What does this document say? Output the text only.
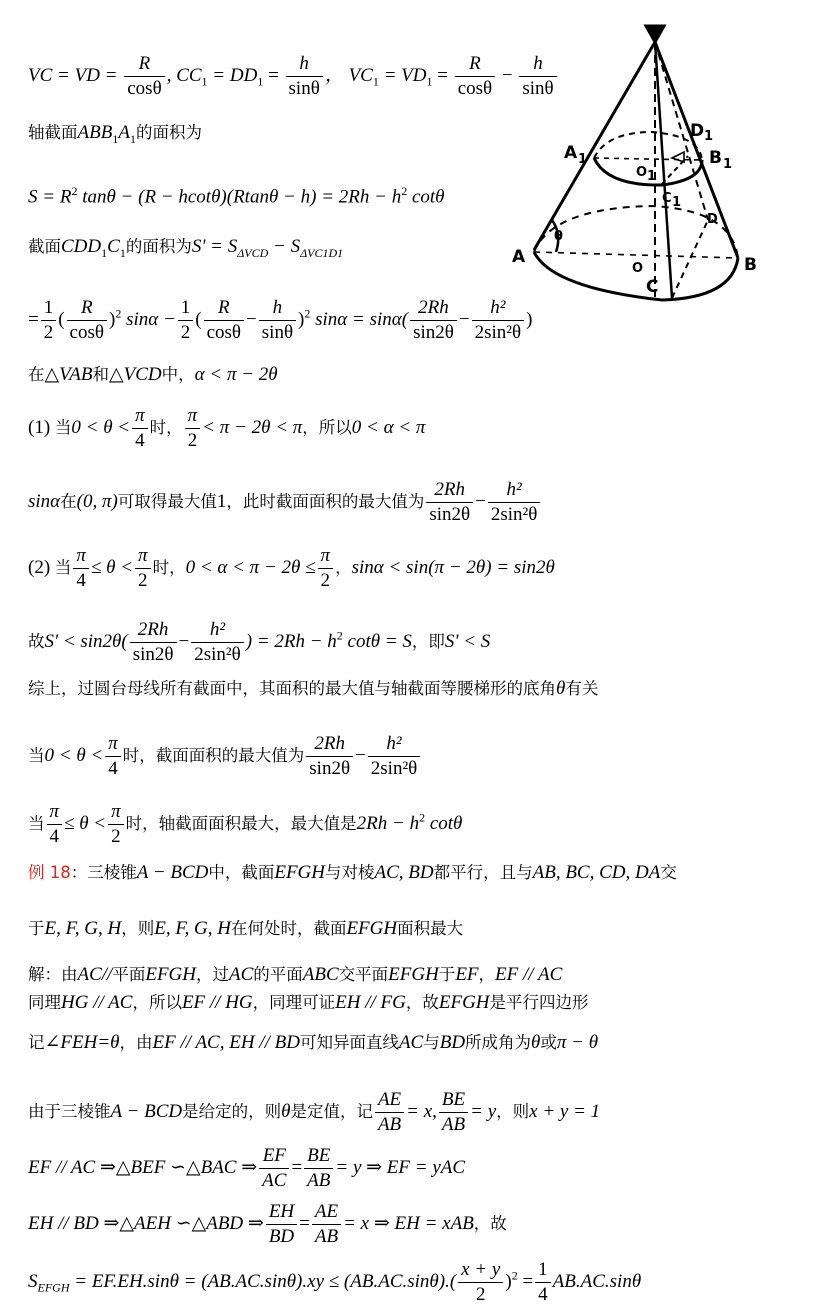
A	B
C
D
O
A 1	B 1
C 1
D 1
O 1
θ
VC = VD = $\frac{R}{\cos\theta}$ , $CC_1 = DD_1 = \frac{h}{\sin\theta}$ ， $VC_1 = VD_1 = \frac{R}{\cos\theta} - \frac{h}{\sin\theta}$
轴截面$ABB_1A_1$的面积为
$S = R^2$ $\tan\theta - (R - hcot\theta)(Rtan\theta - h) = 2Rh - h^2$ cotθ
截面$CDD_1C_1$的面积为$S' = S_{\Delta VCD} - S_{\Delta VC1D1}$
= $\frac{1}{2}$ ( $\frac{R}{\cos\theta} )^2$ $\sin\alpha - \frac{1}{2}$ ( $\frac{R}{\cos\theta} - \frac{h}{\sin\theta} )^2$ $\sin\alpha = \sin\alpha( \frac{2Rh}{\sin 2\theta} - \frac{\text{h²}}{\text{2sin²θ}}$ )
在△VAB和△VCD中，α < π − 2θ
(1) 当$0 < \theta < \frac{\pi}{4}$ 时， $\frac{\pi}{2} < \pi - 2\theta < \pi$，所以0 < α < π
sinα在(0, π)可取得最大值1，此时截面面积的最大值为 $\frac{2Rh}{\sin 2\theta} - \frac{\text{h²}}{\text{2sin²θ}}$
(2) 当 $\frac{\pi}{4} \le \theta < \frac{\pi}{2}$ 时，$0 < \alpha < \pi - 2\theta \le \frac{\pi}{2}$ ，sinα < sin(π − 2θ) = sin2θ
故$S' < \sin 2\theta( \frac{2Rh}{\sin 2\theta} - \frac{\text{h²}}{\text{2sin²θ}}$ ) = $2Rh - h^2$ cotθ = S，即S' < S
综上，过圆台母线所有截面中，其面积的最大值与轴截面等腰梯形的底角θ有关
当$0 < \theta < \frac{\pi}{4}$ 时，截面面积的最大值为 $\frac{2Rh}{\sin 2\theta} - \frac{\text{h²}}{\text{2sin²θ}}$
当 $\frac{\pi}{4} \le \theta < \frac{\pi}{2}$ 时，轴截面面积最大，最大值是$2Rh - h^2$ cotθ
例 18：三棱锥A − BCD中，截面EFGH与对棱AC, BD都平行，且与AB, BC, CD, DA交
于E, F, G, H，则E, F, G, H在何处时，截面EFGH面积最大
解：由AC//平面EFGH，过AC的平面ABC交平面EFGH于EF，EF // AC
同理HG // AC，所以EF // HG，同理可证EH // FG，故EFGH是平行四边形
记∠FEH=θ，由EF // AC, EH // BD可知异面直线AC与BD所成角为θ或π − θ
由于三棱锥A − BCD是给定的，则θ是定值，记 $\frac{AE}{AB} = x$, $\frac{BE}{AB} = y$，则x + y = 1
EF // AC ⇒△BEF ∽△BAC ⇒ $\frac{EF}{AC} = \frac{BE}{AB} = y$ ⇒ EF = yAC
EH // BD ⇒△AEH ∽△ABD ⇒ $\frac{EH}{BD} = \frac{AE}{AB} = x$ ⇒ EH = xAB，故
$S_{EFGH} = EF.EH.\sin\theta = (AB.AC.\sin\theta).xy \le (AB.AC.\sin\theta).( \frac{x + y}{2} )^2 = \frac{1}{4} AB.AC.\sin\theta$
